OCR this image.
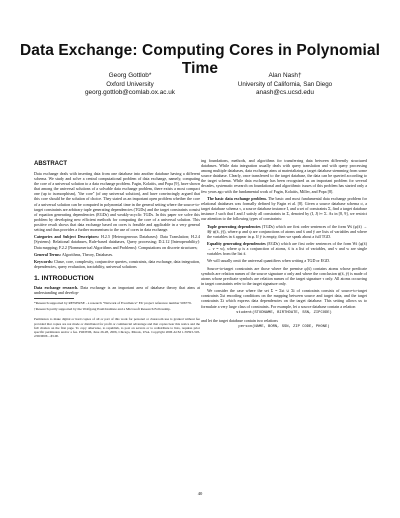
Data Exchange: Computing Cores in Polynomial Time
Georg Gottlob*
Oxford University
georg.gottlob@comlab.ox.ac.uk
Alan Nash†
University of California, San Diego
anash@cs.ucsd.edu
ABSTRACT

Data exchange deals with inserting data from one database into another database having a different schema. We study and solve a central computational problem of data exchange, namely, computing the core of a universal solution to a data exchange problem. Fagin, Kolaitis, and Popa [9], have shown that among the universal solutions of a solvable data exchange problem, there exists a most compact one (up to isomorphism), "the core" (of any universal solution), and have convincingly argued that this core should be the solution of choice. They stated as an important open problem whether the core of a universal solution can be computed in polynomial time in the general setting where the source-to-target constraints are arbitrary tuple generating dependencies (TGDs) and the target constraints consist of equation generating dependencies (EGDs) and weakly-acyclic TGDs. In this paper we solve this problem by developing new efficient methods for computing the core of a universal solution. This positive result shows that data exchange based on cores is feasible and applicable in a very general setting and thus provides a further momentum to the use of cores in data exchange.

Categories and Subject Descriptors: H.2.5 [Heterogeneous Databases]: Data Translation; H.2.4 [Systems]: Relational databases, Rule-based databases, Query processing; D.2.12 [Interoperability]: Data mapping; F.2.2 [Nonnumerical Algorithms and Problems]: Computations on discrete structures;

General Terms: Algorithms, Theory, Databases.

Keywords: Chase, core, complexity, conjunctive queries, constraints, data exchange, data integration, dependencies, query evaluation, tractability, universal solutions

1. INTRODUCTION

Data exchange research. Data exchange is an important area of database theory that aims at understanding and develop-

*Research supported by REWERSE - a research "Network of Excellence" EU project reference number 506779.

†Research partly supported by the Wolfgang Pauli Institute and a Microsoft Research Fellowship.

Permission to make digital or hard copies of all or part of this work for personal or classroom use is granted without fee provided that copies are not made or distributed for profit or commercial advantage and that copies bear this notice and the full citation on the first page. To copy otherwise, to republish, to post on servers or to redistribute to lists, requires prior specific permission and/or a fee. PODS'06, June 26-28, 2006, Chicago, Illinois, USA. Copyright 2006 ACM 1-59593-318-2/06/0006 ...$5.00.

ing foundations, methods, and algorithms for transferring data between differently structured databases. While data integration usually deals with query translation and with query processing among multiple databases, data exchange aims at materializing a target database stemming from some source database. Clearly, once transferred to the target database, the data can be queried according to the target schema. While data exchange has been recognized as an important problem for several decades, systematic research on foundational and algorithmic issues of this problem has started only a few years ago with the fundamental work of Fagin, Kolaitis, Miller, and Popa [8].

The basic data exchange problem. The basic and most fundamental data exchange problem for relational databases was formally defined by Fagin et al. [8]. Given a source database schema σ, a target database schema τ, a source database instance I, and a set of constraints Σ, find a target database instance J such that I and J satisfy all constraints in Σ, denoted by (I, J) ⊨ Σ. As in [8, 9], we restrict our attention to the following types of constraints:

Tuple generating dependencies (TGDs) which are first order sentences of the form ∀x̄ (φ(x̄) → ∃ȳ ψ(x̄, ȳ)), where φ and ψ are conjunctions of atoms and x̄ and ȳ are lists of variables and where the variables in x̄ appear in φ. If ȳ is empty, then we speak about a full TGD.

Equality generating dependencies (EGDs) which are first order sentences of the form ∀x̄ (φ(x̄) → v = w), where φ is a conjunction of atoms, x̄ is a list of variables, and v and w are single variables from the list x̄.

We will usually omit the universal quantifiers when writing a TGD or EGD.

Source-to-target constraints are those where the premise φ(x̄) contains atoms whose predicate symbols are relation names of the source signature σ only and where the conclusion ψ(x̄, ȳ) is made of atoms whose predicate symbols are relation names of the target signature τ only. All atoms occurring in target constraints refer to the target signature only.

We consider the case where the set Σ = Σst ∪ Σt of constraints consists of source-to-target constraints Σst encoding conditions on the mapping between source and target data, and the target constraints Σt which express data dependencies on the target database. This setting allows us to formulate a very large class of constraints. For example, let a source database contain a relation

student(STUDNAME, BIRTHDATE, SSN, ZIPCODE)

and let the target database contain two relations

person(NAME, BORN, SSN, ZIP CODE, PHONE)

40
